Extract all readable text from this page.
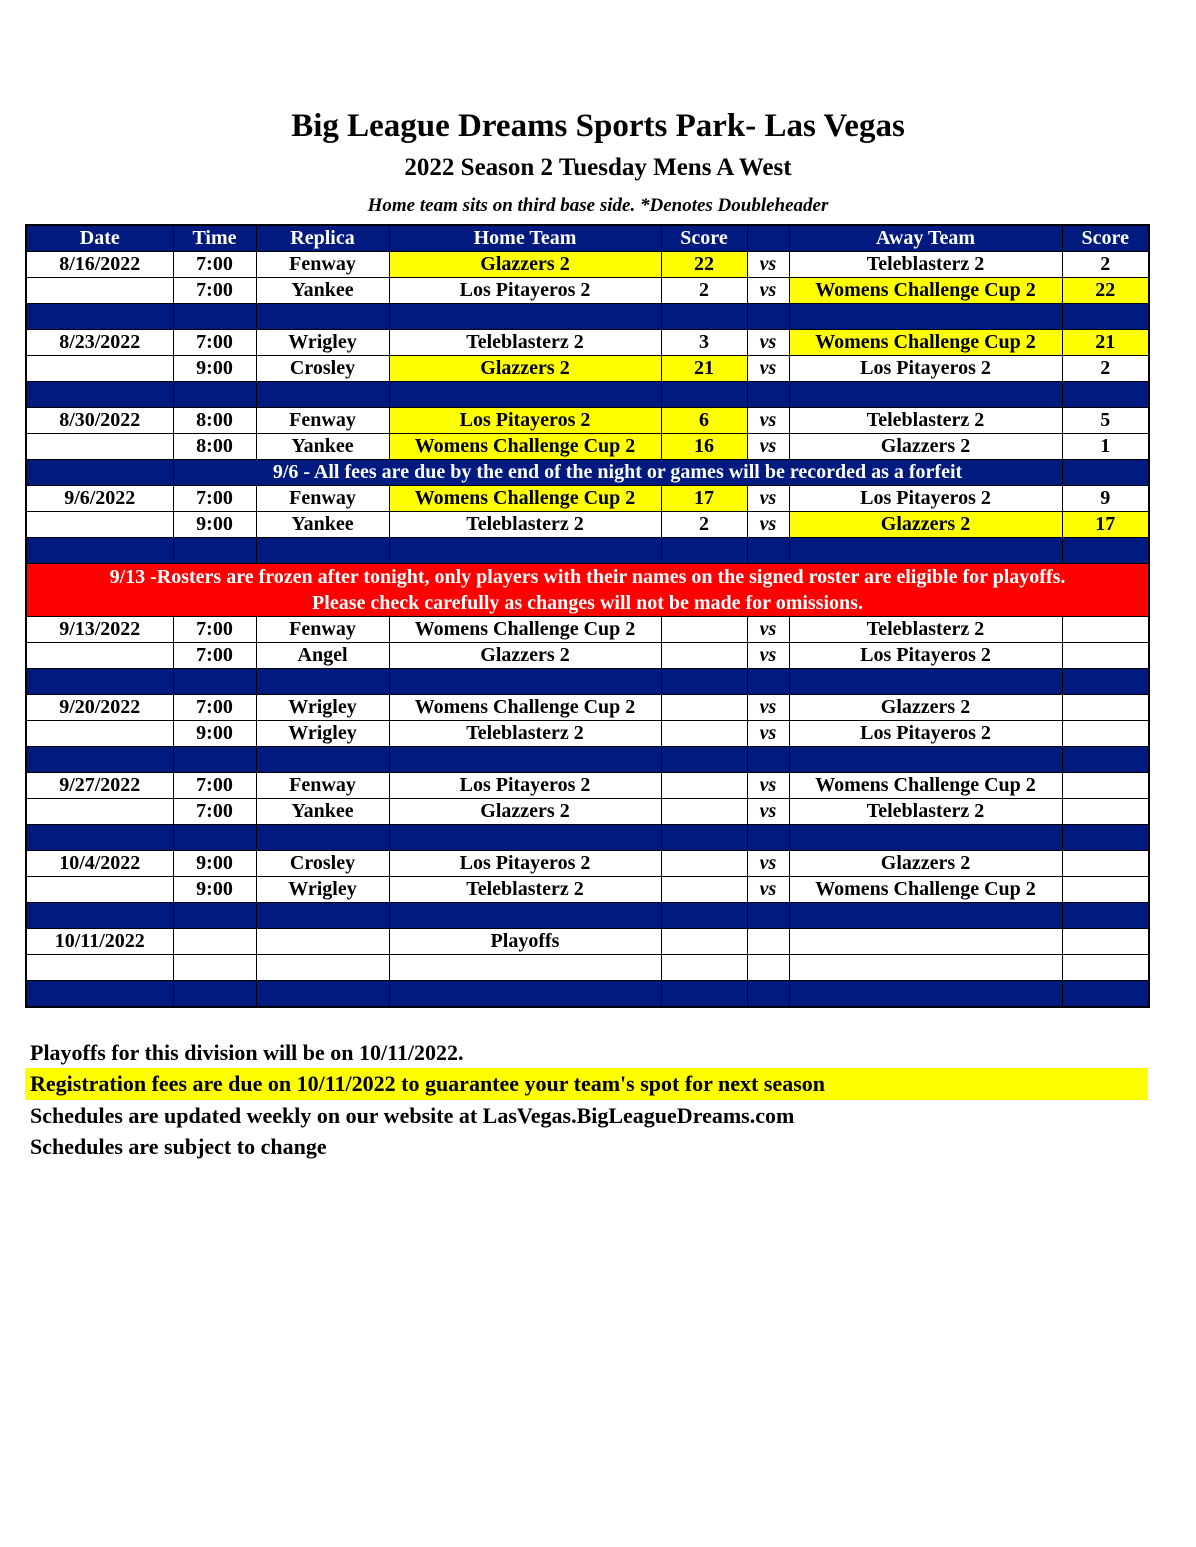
Big League Dreams Sports Park- Las Vegas
2022 Season 2 Tuesday Mens A West
Home team sits on third base side. *Denotes Doubleheader
Date	Time	Replica	Home Team	Score		Away Team	Score
8/16/2022	7:00	Fenway	Glazzers 2	22	vs	Teleblasterz 2	2
	7:00	Yankee	Los Pitayeros 2	2	vs	Womens Challenge Cup 2	22

8/23/2022	7:00	Wrigley	Teleblasterz 2	3	vs	Womens Challenge Cup 2	21
	9:00	Crosley	Glazzers 2	21	vs	Los Pitayeros 2	2

8/30/2022	8:00	Fenway	Los Pitayeros 2	6	vs	Teleblasterz 2	5
	8:00	Yankee	Womens Challenge Cup 2	16	vs	Glazzers 2	1
	9/6 - All fees are due by the end of the night or games will be recorded as a forfeit						
9/6/2022	7:00	Fenway	Womens Challenge Cup 2	17	vs	Los Pitayeros 2	9
	9:00	Yankee	Teleblasterz 2	2	vs	Glazzers 2	17

9/13 -Rosters are frozen after tonight, only players with their names on the signed roster are eligible for playoffs.
Please check carefully as changes will not be made for omissions.							

9/13/2022	7:00	Fenway	Womens Challenge Cup 2		vs	Teleblasterz 2	
	7:00	Angel	Glazzers 2		vs	Los Pitayeros 2	

9/20/2022	7:00	Wrigley	Womens Challenge Cup 2		vs	Glazzers 2	
	9:00	Wrigley	Teleblasterz 2		vs	Los Pitayeros 2	

9/27/2022	7:00	Fenway	Los Pitayeros 2		vs	Womens Challenge Cup 2	
	7:00	Yankee	Glazzers 2		vs	Teleblasterz 2	

10/4/2022	9:00	Crosley	Los Pitayeros 2		vs	Glazzers 2	
	9:00	Wrigley	Teleblasterz 2		vs	Womens Challenge Cup 2	

10/11/2022			Playoffs				

Playoffs for this division will be on 10/11/2022.
Registration fees are due on 10/11/2022 to guarantee your team's spot for next season
Schedules are updated weekly on our website at LasVegas.BigLeagueDreams.com
Schedules are subject to change
